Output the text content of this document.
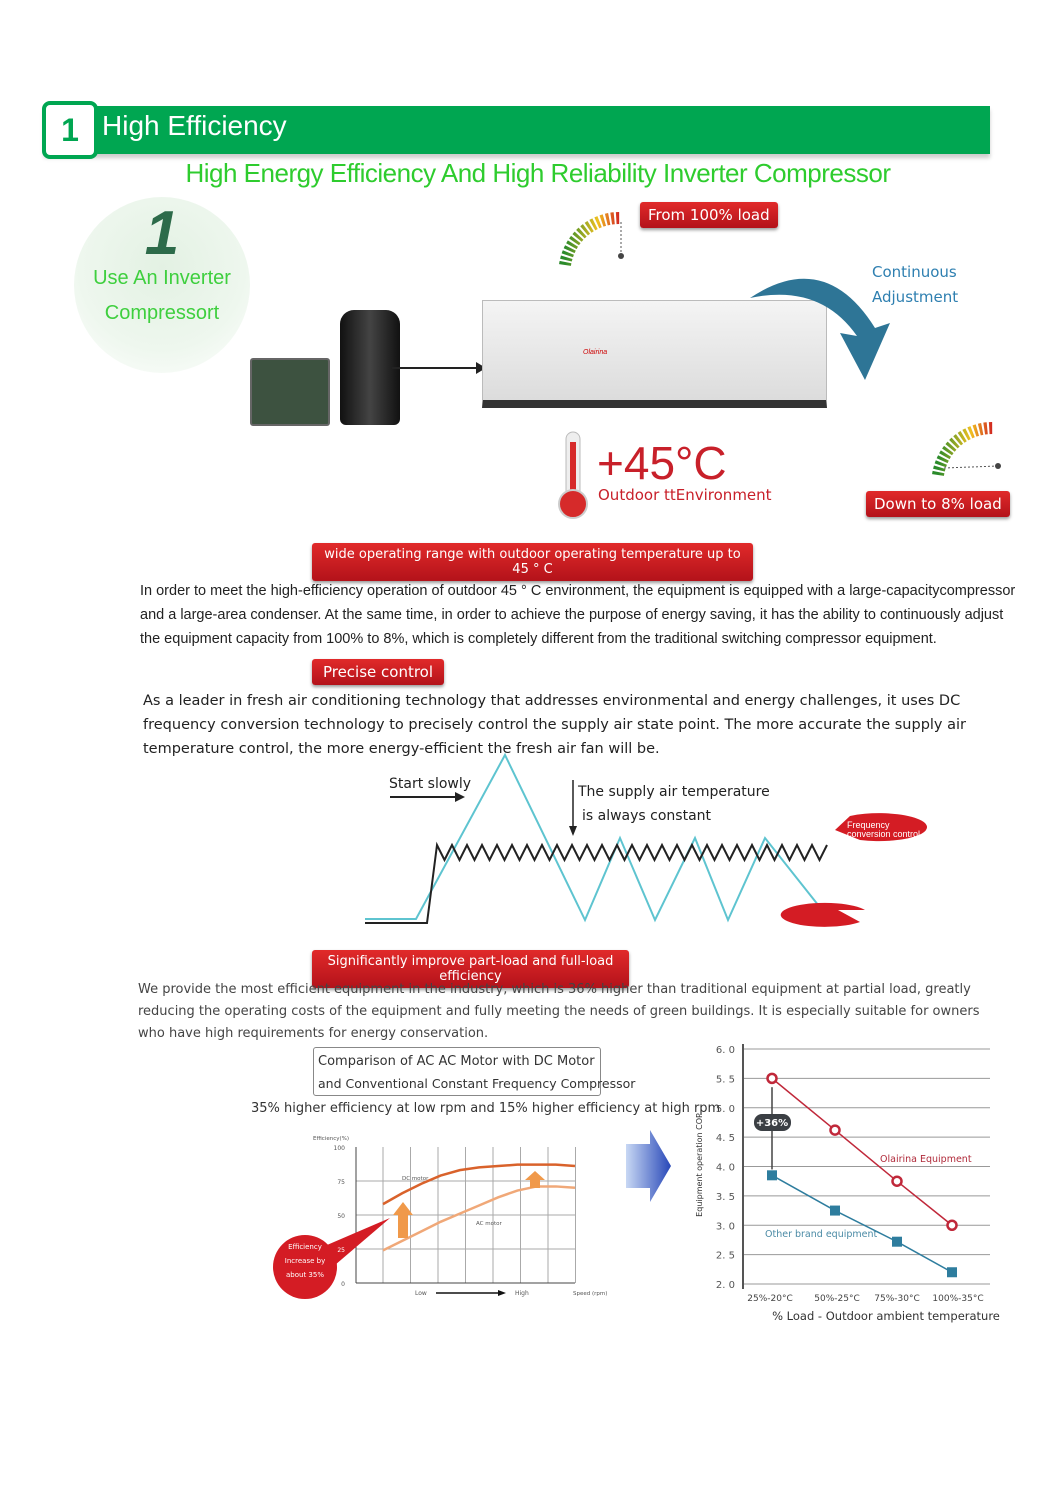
1 High Efficiency
High Energy Efficiency And High Reliability Inverter Compressor
1
Use An Inverter
Compressort
Olairina
Continuous
Adjustment
From 100% load
Down to 8% load
+45°C
Outdoor ttEnvironment
wide operating range with outdoor operating temperature up to 45 ° C
In order to meet the high-efficiency operation of outdoor 45 ° C environment, the equipment is equipped with a large-capacitycompressor and a large-area condenser. At the same time, in order to achieve the purpose of energy saving, it has the ability to continuously adjust the equipment capacity from 100% to 8%, which is completely different from the traditional switching compressor equipment.
Precise control
As a leader in fresh air conditioning technology that addresses environmental and energy challenges, it uses DC frequency conversion technology to precisely control the supply air state point. The more accurate the supply air temperature control, the more energy-efficient the fresh air fan will be.
Start slowly	The supply air temperature
is always constant
Frequency
conversion control
No frequency
conversion control
Significantly improve part-load and full-load efficiency
We provide the most efficient equipment in the industry, which is 36% higher than traditional equipment at partial load, greatly reducing the operating costs of the equipment and fully meeting the needs of green buildings. It is especially suitable for owners who have high requirements for energy conservation.
Comparison of AC AC Motor with DC Motor
and Conventional Constant Frequency Compressor
35% higher efficiency at low rpm and 15% higher efficiency at high rpm
Efficiency(%)
Speed (rpm)
Low	High
DC motor
AC motor
Efficiency
Increase by
about 35%
100
75
50
25
0
6. 0
5. 5
5. 0
4. 5
4. 0
3. 5
3. 0
2. 5
2. 0
25%-20°C 50%-25°C 75%-30°C 100%-35°C
% Load - Outdoor ambient temperature
Equipment operation COP	Olairina Equipment
Other brand equipment
+36%
